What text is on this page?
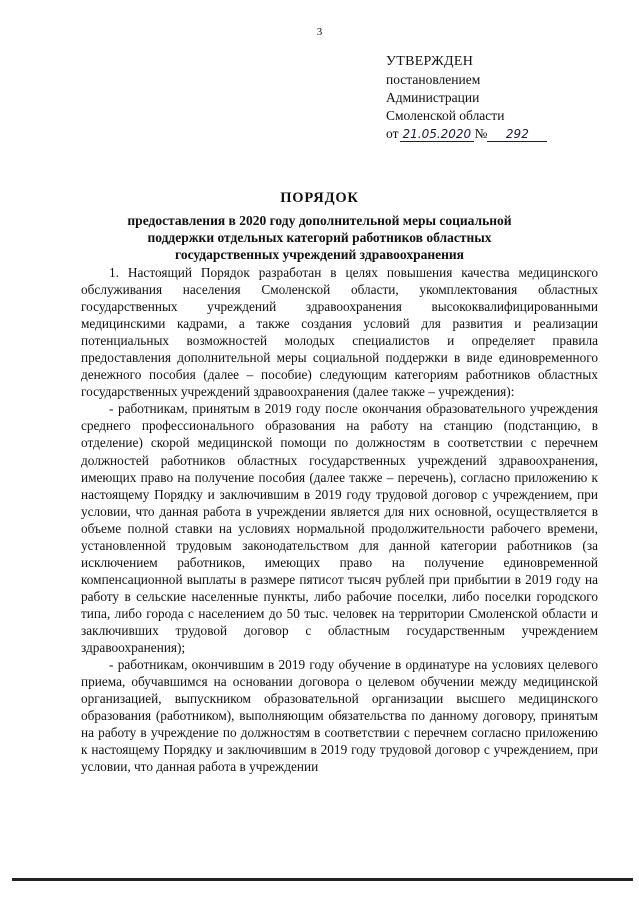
3
УТВЕРЖДЕН
постановлением
Администрации
Смоленской области
от 21.05.2020 №	292
ПОРЯДОК
предоставления в 2020 году дополнительной меры социальной
поддержки отдельных категорий работников областных
государственных учреждений здравоохранения

1. Настоящий Порядок разработан в целях повышения качества медицинского обслуживания населения Смоленской области, укомплектования областных государственных учреждений здравоохранения высококвалифицированными медицинскими кадрами, а также создания условий для развития и реализации потенциальных возможностей молодых специалистов и определяет правила предоставления дополнительной меры социальной поддержки в виде единовременного денежного пособия (далее – пособие) следующим категориям работников областных государственных учреждений здравоохранения (далее также – учреждения):

- работникам, принятым в 2019 году после окончания образовательного учреждения среднего профессионального образования на работу на станцию (подстанцию, в отделение) скорой медицинской помощи по должностям в соответствии с перечнем должностей работников областных государственных учреждений здравоохранения, имеющих право на получение пособия (далее также – перечень), согласно приложению к настоящему Порядку и заключившим в 2019 году трудовой договор с учреждением, при условии, что данная работа в учреждении является для них основной, осуществляется в объеме полной ставки на условиях нормальной продолжительности рабочего времени, установленной трудовым законодательством для данной категории работников (за исключением работников, имеющих право на получение единовременной компенсационной выплаты в размере пятисот тысяч рублей при прибытии в 2019 году на работу в сельские населенные пункты, либо рабочие поселки, либо поселки городского типа, либо города с населением до 50 тыс. человек на территории Смоленской области и заключивших трудовой договор с областным государственным учреждением здравоохранения);

- работникам, окончившим в 2019 году обучение в ординатуре на условиях целевого приема, обучавшимся на основании договора о целевом обучении между медицинской организацией, выпускником образовательной организации высшего медицинского образования (работником), выполняющим обязательства по данному договору, принятым на работу в учреждение по должностям в соответствии с перечнем согласно приложению к настоящему Порядку и заключившим в 2019 году трудовой договор с учреждением, при условии, что данная работа в учреждении
